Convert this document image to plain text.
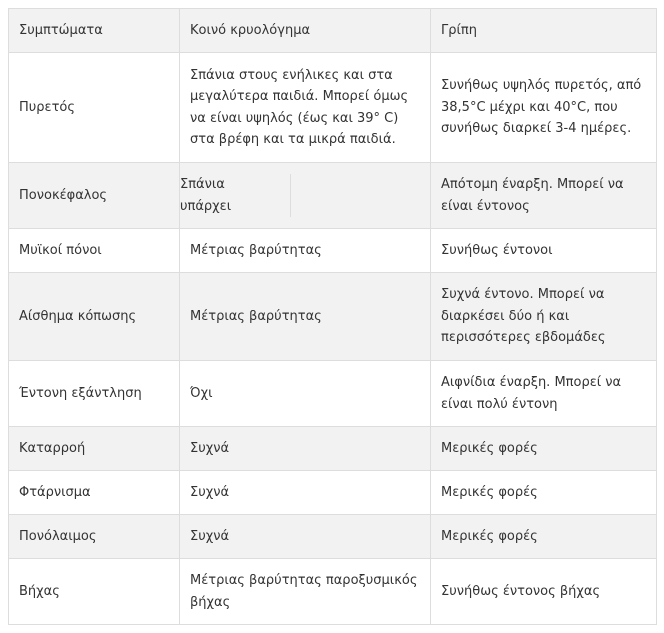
Συμπτώματα	Κοινό κρυολόγημα	Γρίπη
Πυρετός	Σπάνια στους ενήλικες και στα μεγαλύτερα παιδιά. Μπορεί όμως να είναι υψηλός (έως και 39° C) στα βρέφη και τα μικρά παιδιά.	Συνήθως υψηλός πυρετός, από 38,5°C μέχρι και 40°C, που συνήθως διαρκεί 3-4 ημέρες.
Πονοκέφαλος	Σπάνια υπάρχει	Απότομη έναρξη. Μπορεί να είναι έντονος
Μυϊκοί πόνοι	Μέτριας βαρύτητας	Συνήθως έντονοι
Αίσθημα κόπωσης	Μέτριας βαρύτητας	Συχνά έντονο. Μπορεί να διαρκέσει δύο ή και περισσότερες εβδομάδες
Έντονη εξάντληση	Όχι	Αιφνίδια έναρξη. Μπορεί να είναι πολύ έντονη
Καταρροή	Συχνά	Μερικές φορές
Φτάρνισμα	Συχνά	Μερικές φορές
Πονόλαιμος	Συχνά	Μερικές φορές
Βήχας	Μέτριας βαρύτητας παροξυσμικός βήχας	Συνήθως έντονος βήχας
